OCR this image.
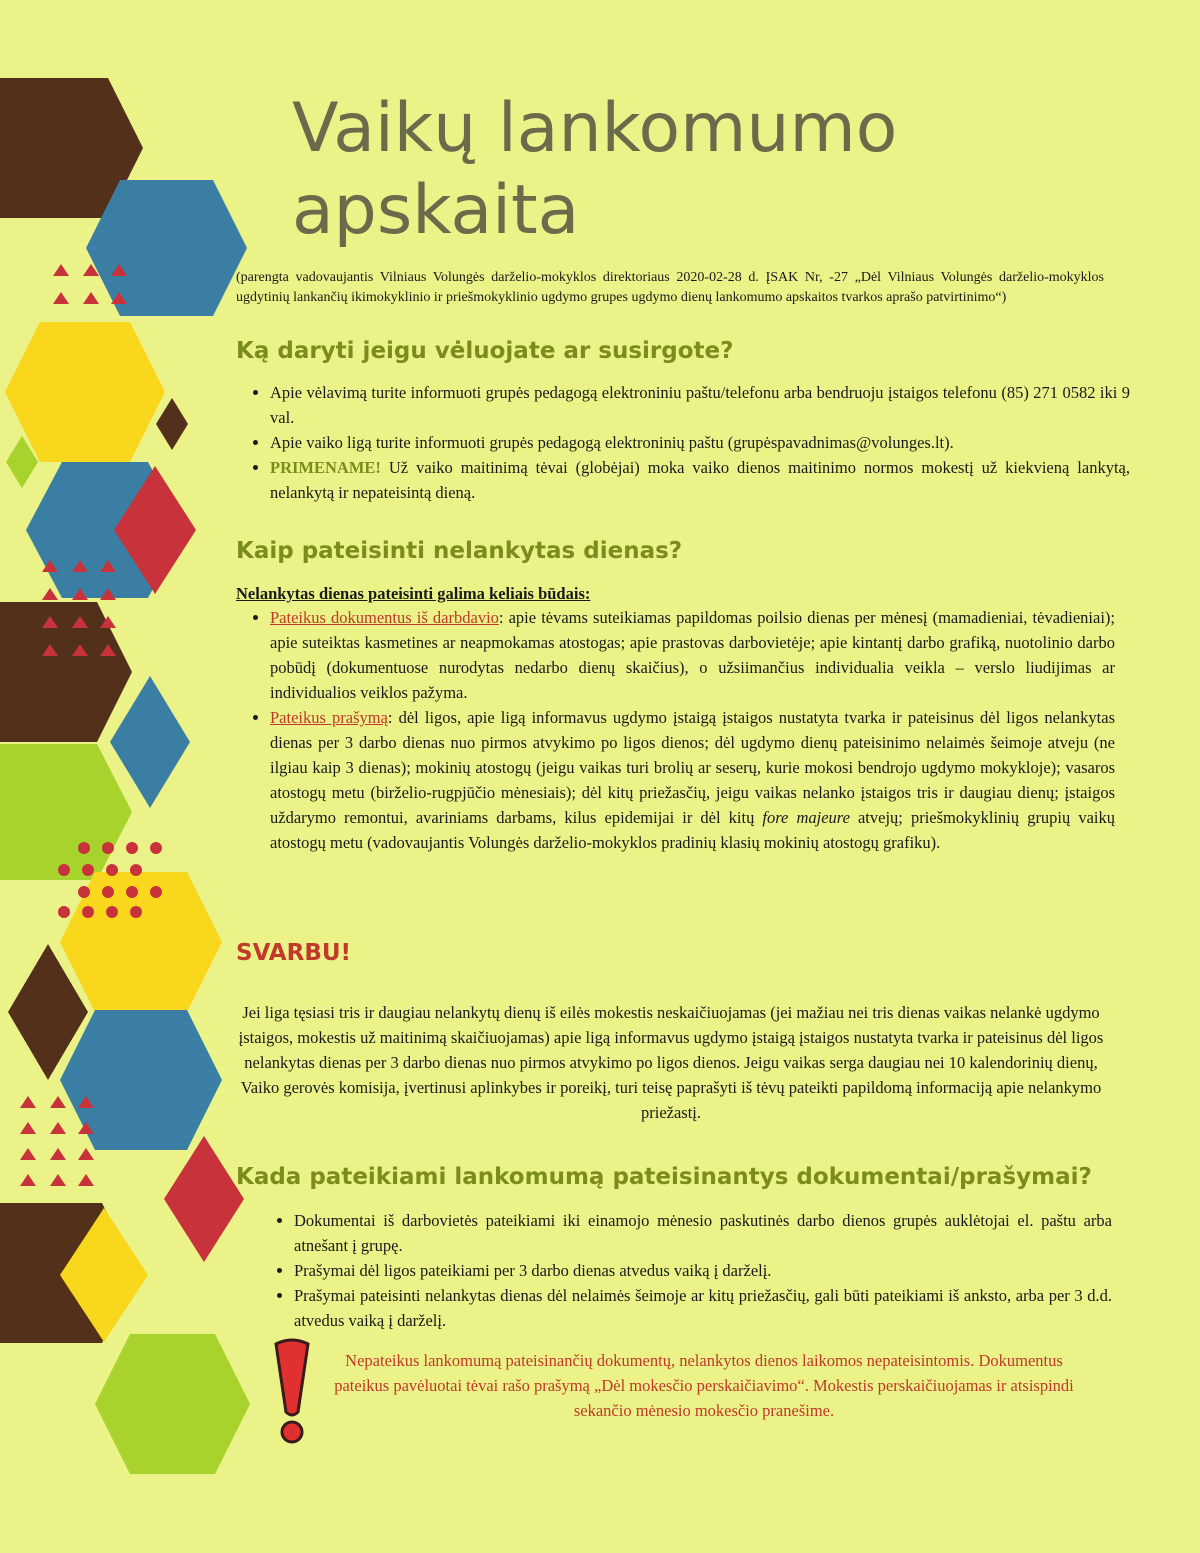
Vaikų lankomumo apskaita

(parengta vadovaujantis Vilniaus Volungės darželio-mokyklos direktoriaus 2020-02-28 d. ĮSAK Nr, -27 „Dėl Vilniaus Volungės darželio-mokyklos ugdytinių lankančių ikimokyklinio ir priešmokyklinio ugdymo grupes ugdymo dienų lankomumo apskaitos tvarkos aprašo patvirtinimo“)

Ką daryti jeigu vėluojate ar susirgote?
• Apie vėlavimą turite informuoti grupės pedagogą elektroniniu paštu/telefonu arba bendruoju įstaigos telefonu (85) 271 0582 iki 9 val.
• Apie vaiko ligą turite informuoti grupės pedagogą elektroninių paštu (grupėspavadnimas@volunges.lt).
• PRIMENAME! Už vaiko maitinimą tėvai (globėjai) moka vaiko dienos maitinimo normos mokestį už kiekvieną lankytą, nelankytą ir nepateisintą dieną.
Kaip pateisinti nelankytas dienas?

Nelankytas dienas pateisinti galima keliais būdais:

• Pateikus dokumentus iš darbdavio: apie tėvams suteikiamas papildomas poilsio dienas per mėnesį (mamadieniai, tėvadieniai); apie suteiktas kasmetines ar neapmokamas atostogas; apie prastovas darbovietėje; apie kintantį darbo grafiką, nuotolinio darbo pobūdį (dokumentuose nurodytas nedarbo dienų skaičius), o užsiimančius individualia veikla – verslo liudijimas ar individualios veiklos pažyma.
• Pateikus prašymą: dėl ligos, apie ligą informavus ugdymo įstaigą įstaigos nustatyta tvarka ir pateisinus dėl ligos nelankytas dienas per 3 darbo dienas nuo pirmos atvykimo po ligos dienos; dėl ugdymo dienų pateisinimo nelaimės šeimoje atveju (ne ilgiau kaip 3 dienas); mokinių atostogų (jeigu vaikas turi brolių ar seserų, kurie mokosi bendrojo ugdymo mokykloje); vasaros atostogų metu (birželio-rugpjūčio mėnesiais); dėl kitų priežasčių, jeigu vaikas nelanko įstaigos tris ir daugiau dienų; įstaigos uždarymo remontui, avariniams darbams, kilus epidemijai ir dėl kitų fore majeure atvejų; priešmokyklinių grupių vaikų atostogų metu (vadovaujantis Volungės darželio-mokyklos pradinių klasių mokinių atostogų grafiku).
SVARBU!

Jei liga tęsiasi tris ir daugiau nelankytų dienų iš eilės mokestis neskaičiuojamas (jei mažiau nei tris dienas vaikas nelankė ugdymo įstaigos, mokestis už maitinimą skaičiuojamas) apie ligą informavus ugdymo įstaigą įstaigos nustatyta tvarka ir pateisinus dėl ligos nelankytas dienas per 3 darbo dienas nuo pirmos atvykimo po ligos dienos. Jeigu vaikas serga daugiau nei 10 kalendorinių dienų, Vaiko gerovės komisija, įvertinusi aplinkybes ir poreikį, turi teisę paprašyti iš tėvų pateikti papildomą informaciją apie nelankymo priežastį.

Kada pateikiami lankomumą pateisinantys dokumentai/prašymai?
• Dokumentai iš darbovietės pateikiami iki einamojo mėnesio paskutinės darbo dienos grupės auklėtojai el. paštu arba atnešant į grupę.
• Prašymai dėl ligos pateikiami per 3 darbo dienas atvedus vaiką į darželį.
• Prašymai pateisinti nelankytas dienas dėl nelaimės šeimoje ar kitų priežasčių, gali būti pateikiami iš anksto, arba per 3 d.d. atvedus vaiką į darželį.

Nepateikus lankomumą pateisinančių dokumentų, nelankytos dienos laikomos nepateisintomis. Dokumentus pateikus pavėluotai tėvai rašo prašymą „Dėl mokesčio perskaičiavimo“. Mokestis perskaičiuojamas ir atsispindi sekančio mėnesio mokesčio pranešime.
